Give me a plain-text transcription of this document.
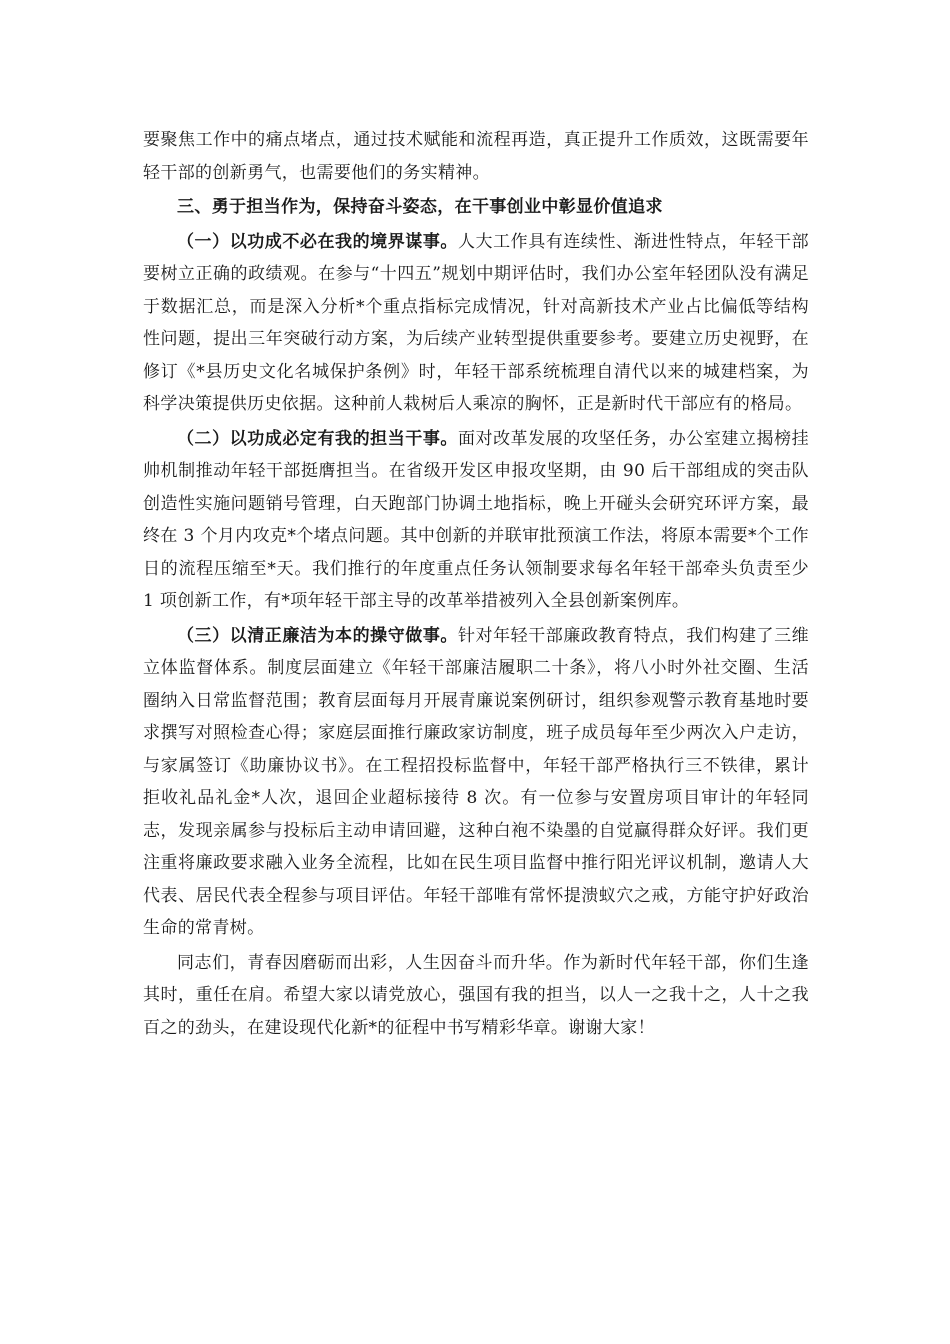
要聚焦工作中的痛点堵点，通过技术赋能和流程再造，真正提升工作质效，这既需要年轻干部的创新勇气，也需要他们的务实精神。

三、勇于担当作为，保持奋斗姿态，在干事创业中彰显价值追求

（一）以功成不必在我的境界谋事。人大工作具有连续性、渐进性特点，年轻干部要树立正确的政绩观。在参与“十四五”规划中期评估时，我们办公室年轻团队没有满足于数据汇总，而是深入分析*个重点指标完成情况，针对高新技术产业占比偏低等结构性问题，提出三年突破行动方案，为后续产业转型提供重要参考。要建立历史视野，在修订《*县历史文化名城保护条例》时，年轻干部系统梳理自清代以来的城建档案，为科学决策提供历史依据。这种前人栽树后人乘凉的胸怀，正是新时代干部应有的格局。

（二）以功成必定有我的担当干事。面对改革发展的攻坚任务，办公室建立揭榜挂帅机制推动年轻干部挺膺担当。在省级开发区申报攻坚期，由 90 后干部组成的突击队创造性实施问题销号管理，白天跑部门协调土地指标，晚上开碰头会研究环评方案，最终在 3 个月内攻克*个堵点问题。其中创新的并联审批预演工作法，将原本需要*个工作日的流程压缩至*天。我们推行的年度重点任务认领制要求每名年轻干部牵头负责至少 1 项创新工作，有*项年轻干部主导的改革举措被列入全县创新案例库。

（三）以清正廉洁为本的操守做事。针对年轻干部廉政教育特点，我们构建了三维立体监督体系。制度层面建立《年轻干部廉洁履职二十条》，将八小时外社交圈、生活圈纳入日常监督范围；教育层面每月开展青廉说案例研讨，组织参观警示教育基地时要求撰写对照检查心得；家庭层面推行廉政家访制度，班子成员每年至少两次入户走访，与家属签订《助廉协议书》。在工程招投标监督中，年轻干部严格执行三不铁律，累计拒收礼品礼金*人次，退回企业超标接待 8 次。有一位参与安置房项目审计的年轻同志，发现亲属参与投标后主动申请回避，这种白袍不染墨的自觉赢得群众好评。我们更注重将廉政要求融入业务全流程，比如在民生项目监督中推行阳光评议机制，邀请人大代表、居民代表全程参与项目评估。年轻干部唯有常怀提溃蚁穴之戒，方能守护好政治生命的常青树。

同志们，青春因磨砺而出彩，人生因奋斗而升华。作为新时代年轻干部，你们生逢其时，重任在肩。希望大家以请党放心，强国有我的担当，以人一之我十之，人十之我百之的劲头，在建设现代化新*的征程中书写精彩华章。谢谢大家！
